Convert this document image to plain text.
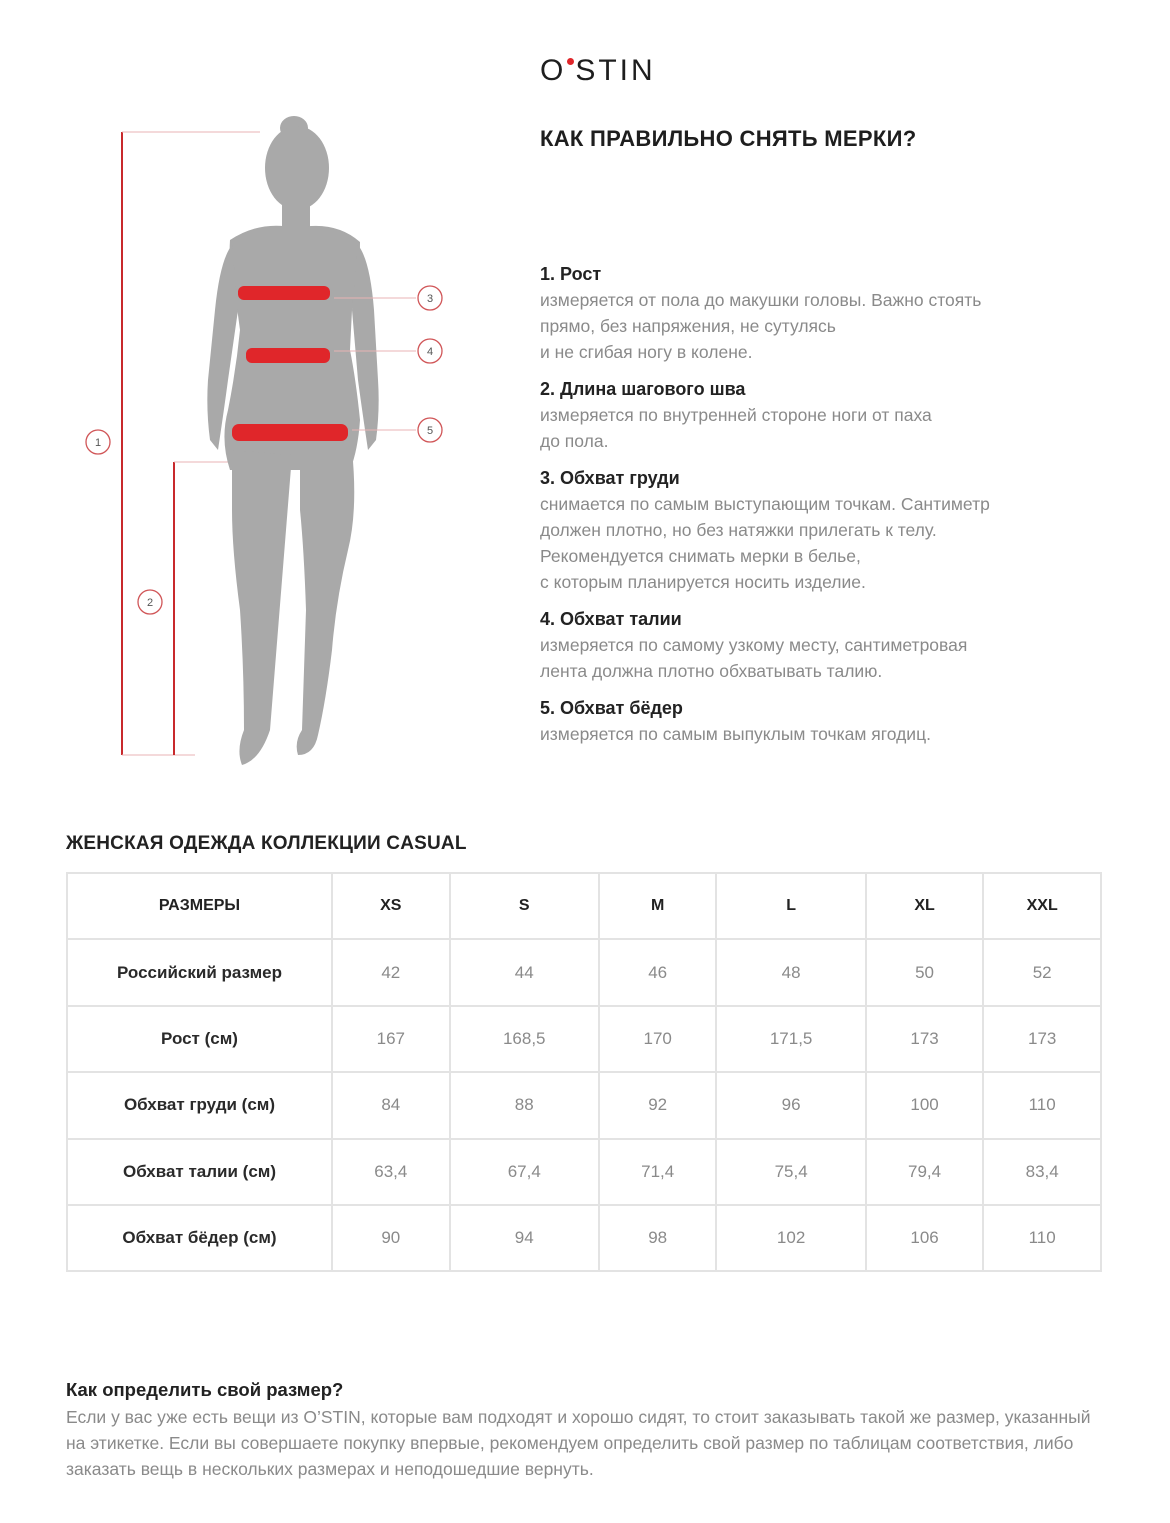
O STIN
КАК ПРАВИЛЬНО СНЯТЬ МЕРКИ?
1
2
3
4
5
1. Рост
измеряется от пола до макушки головы. Важно стоять
прямо, без напряжения, не сутулясь
и не сгибая ногу в колене.
2. Длина шагового шва
измеряется по внутренней стороне ноги от паха
до пола.
3. Обхват груди
снимается по самым выступающим точкам. Сантиметр
должен плотно, но без натяжки прилегать к телу.
Рекомендуется снимать мерки в белье,
с которым планируется носить изделие.
4. Обхват талии
измеряется по самому узкому месту, сантиметровая
лента должна плотно обхватывать талию.
5. Обхват бёдер
измеряется по самым выпуклым точкам ягодиц.
ЖЕНСКАЯ ОДЕЖДА КОЛЛЕКЦИИ CASUAL
РАЗМЕРЫ	XS	S	M	L	XL	XXL
Российский размер	42	44	46	48	50	52
Рост (см)	167	168,5	170	171,5	173	173
Обхват груди (см)	84	88	92	96	100	110
Обхват талии (см)	63,4	67,4	71,4	75,4	79,4	83,4
Обхват бёдер (см)	90	94	98	102	106	110
Как определить свой размер?
Если у вас уже есть вещи из O’STIN, которые вам подходят и хорошо сидят, то стоит заказывать такой же размер, указанный на этикетке. Если вы совершаете покупку впервые, рекомендуем определить свой размер по таблицам соответствия, либо заказать вещь в нескольких размерах и неподошедшие вернуть.
